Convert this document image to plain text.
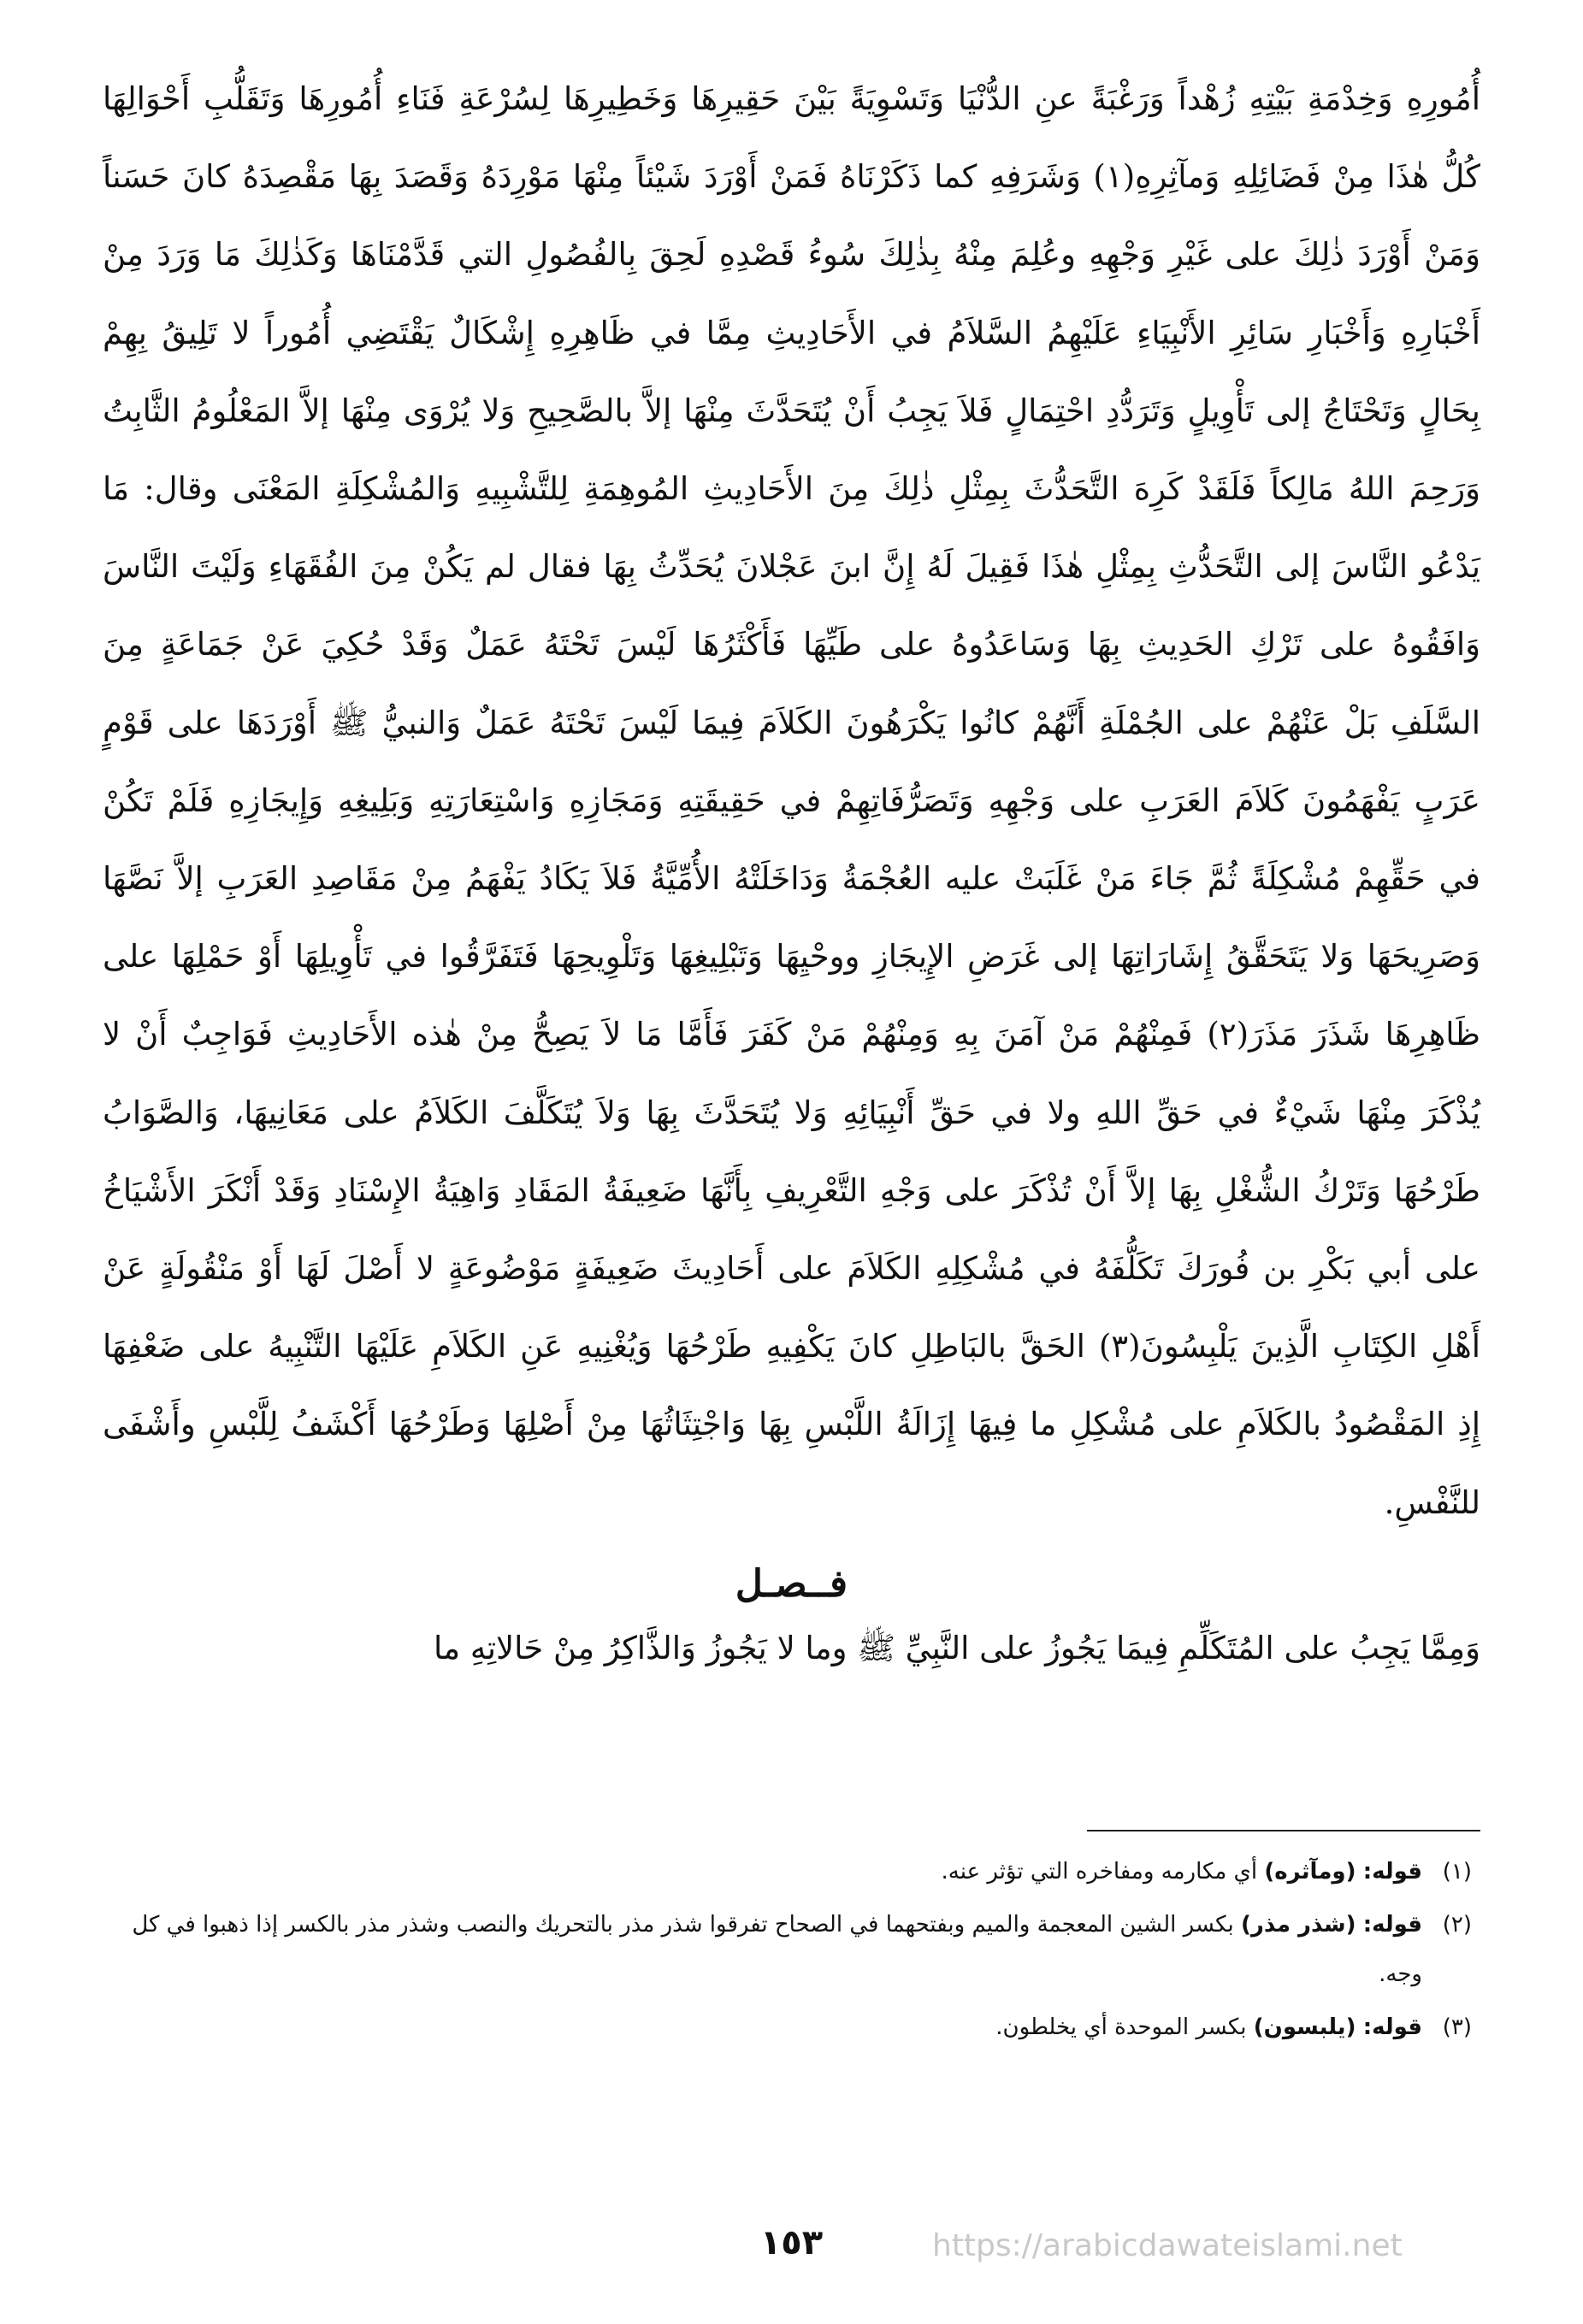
أُمُورِهِ وَخِدْمَةِ بَيْتِهِ زُهْداً وَرَغْبَةً عنِ الدُّنْيَا وَتَسْوِيَةً بَيْنَ حَقِيرِهَا وَخَطِيرِهَا لِسُرْعَةِ فَنَاءِ أُمُورِهَا وَتَقَلُّبِ أَحْوَالِهَا كُلُّ هٰذَا مِنْ فَضَائِلِهِ وَمآثِرِهِ(١) وَشَرَفِهِ كما ذَكَرْنَاهُ فَمَنْ أَوْرَدَ شَيْئاً مِنْهَا مَوْرِدَهُ وَقَصَدَ بِهَا مَقْصِدَهُ كانَ حَسَناً وَمَنْ أَوْرَدَ ذٰلِكَ على غَيْرِ وَجْهِهِ وعُلِمَ مِنْهُ بِذٰلِكَ سُوءُ قَصْدِهِ لَحِقَ بِالفُصُولِ التي قَدَّمْنَاهَا وَكَذٰلِكَ مَا وَرَدَ مِنْ أَخْبَارِهِ وَأَخْبَارِ سَائِرِ الأَنْبِيَاءِ عَلَيْهِمُ السَّلاَمُ في الأَحَادِيثِ مِمَّا في ظَاهِرِهِ إِشْكَالٌ يَقْتَضِي أُمُوراً لا تَلِيقُ بِهِمْ بِحَالٍ وَتَحْتَاجُ إلى تَأْوِيلٍ وَتَرَدُّدِ احْتِمَالٍ فَلاَ يَجِبُ أَنْ يُتَحَدَّثَ مِنْهَا إلاَّ بالصَّحِيحِ وَلا يُرْوَى مِنْهَا إلاَّ المَعْلُومُ الثَّابِتُ وَرَحِمَ اللهُ مَالِكاً فَلَقَدْ كَرِهَ التَّحَدُّثَ بِمِثْلِ ذٰلِكَ مِنَ الأَحَادِيثِ المُوهِمَةِ لِلتَّشْبِيهِ وَالمُشْكِلَةِ المَعْنَى وقال: مَا يَدْعُو النَّاسَ إلى التَّحَدُّثِ بِمِثْلِ هٰذَا فَقِيلَ لَهُ إِنَّ ابنَ عَجْلانَ يُحَدِّثُ بِهَا فقال لم يَكُنْ مِنَ الفُقَهَاءِ وَلَيْتَ النَّاسَ وَافَقُوهُ على تَرْكِ الحَدِيثِ بِهَا وَسَاعَدُوهُ على طَيِّهَا فَأَكْثَرُهَا لَيْسَ تَحْتَهُ عَمَلٌ وَقَدْ حُكِيَ عَنْ جَمَاعَةٍ مِنَ السَّلَفِ بَلْ عَنْهُمْ على الجُمْلَةِ أَنَّهُمْ كانُوا يَكْرَهُونَ الكَلاَمَ فِيمَا لَيْسَ تَحْتَهُ عَمَلٌ وَالنبيُّ ﷺ أَوْرَدَهَا على قَوْمٍ عَرَبٍ يَفْهَمُونَ كَلاَمَ العَرَبِ على وَجْهِهِ وَتَصَرُّفَاتِهِمْ في حَقِيقَتِهِ وَمَجَازِهِ وَاسْتِعَارَتِهِ وَبَلِيغِهِ وَإِيجَازِهِ فَلَمْ تَكُنْ في حَقِّهِمْ مُشْكِلَةً ثُمَّ جَاءَ مَنْ غَلَبَتْ عليه العُجْمَةُ وَدَاخَلَتْهُ الأُمِّيَّةُ فَلاَ يَكَادُ يَفْهَمُ مِنْ مَقَاصِدِ العَرَبِ إلاَّ نَصَّهَا وَصَرِيحَهَا وَلا يَتَحَقَّقُ إِشَارَاتِهَا إلى غَرَضِ الإِيجَازِ ووحْيِهَا وَتَبْلِيغِهَا وَتَلْوِيحِهَا فَتَفَرَّقُوا في تَأْوِيلِهَا أَوْ حَمْلِهَا على ظَاهِرِهَا شَذَرَ مَذَرَ(٢) فَمِنْهُمْ مَنْ آمَنَ بِهِ وَمِنْهُمْ مَنْ كَفَرَ فَأَمَّا مَا لاَ يَصِحُّ مِنْ هٰذه الأَحَادِيثِ فَوَاجِبٌ أَنْ لا يُذْكَرَ مِنْهَا شَيْءٌ في حَقِّ اللهِ ولا في حَقِّ أَنْبِيَائِهِ وَلا يُتَحَدَّثَ بِهَا وَلاَ يُتَكَلَّفَ الكَلاَمُ على مَعَانِيهَا، وَالصَّوَابُ طَرْحُهَا وَتَرْكُ الشُّغْلِ بِهَا إلاَّ أَنْ تُذْكَرَ على وَجْهِ التَّعْرِيفِ بِأَنَّهَا ضَعِيفَةُ المَقَادِ وَاهِيَةُ الإِسْنَادِ وَقَدْ أَنْكَرَ الأَشْيَاخُ على أبي بَكْرِ بن فُورَكَ تَكَلُّفَهُ في مُشْكِلِهِ الكَلاَمَ على أَحَادِيثَ ضَعِيفَةٍ مَوْضُوعَةٍ لا أَصْلَ لَهَا أَوْ مَنْقُولَةٍ عَنْ أَهْلِ الكِتَابِ الَّذِينَ يَلْبِسُونَ(٣) الحَقَّ بالبَاطِلِ كانَ يَكْفِيهِ طَرْحُهَا وَيُغْنِيهِ عَنِ الكَلاَمِ عَلَيْهَا التَّنْبِيهُ على ضَعْفِهَا إِذِ المَقْصُودُ بالكَلاَمِ على مُشْكِلِ ما فِيهَا إِزَالَةُ اللَّبْسِ بِهَا وَاجْتِثَاثُهَا مِنْ أَصْلِهَا وَطَرْحُهَا أَكْشَفُ لِلَّبْسِ وأَشْفَى للنَّفْسِ.

فــصـل

وَمِمَّا يَجِبُ على المُتَكَلِّمِ فِيمَا يَجُوزُ على النَّبِيِّ ﷺ وما لا يَجُوزُ وَالذَّاكِرُ مِنْ حَالاتِهِ ما

(١)
قوله: (ومآثره) أي مكارمه ومفاخره التي تؤثر عنه.
(٢)
قوله: (شذر مذر) بكسر الشين المعجمة والميم وبفتحهما في الصحاح تفرقوا شذر مذر بالتحريك والنصب وشذر مذر بالكسر إذا ذهبوا في كل وجه.
(٣)
قوله: (يلبسون) بكسر الموحدة أي يخلطون.
١٥٣	https://arabicdawateislami.net
